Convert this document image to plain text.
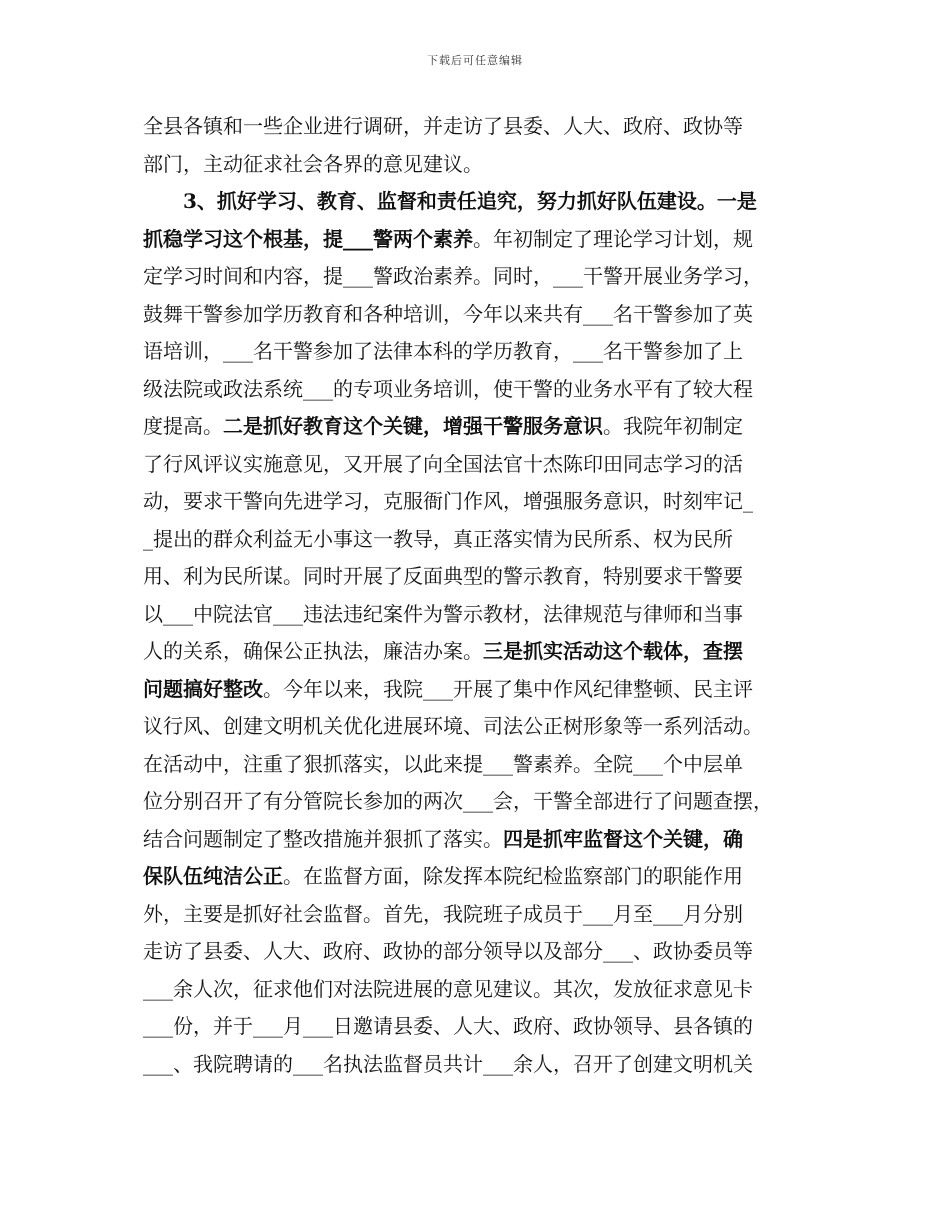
下载后可任意编辑
全县各镇和一些企业进行调研，并走访了县委、人大、政府、政协等
部门，主动征求社会各界的意见建议。
3、抓好学习、教育、监督和责任追究，努力抓好队伍建设。一是
抓稳学习这个根基，提___警两个素养。年初制定了理论学习计划，规
定学习时间和内容，提___警政治素养。同时，___干警开展业务学习，
鼓舞干警参加学历教育和各种培训，今年以来共有___名干警参加了英
语培训，___名干警参加了法律本科的学历教育，___名干警参加了上
级法院或政法系统___的专项业务培训，使干警的业务水平有了较大程
度提高。二是抓好教育这个关键，增强干警服务意识。我院年初制定
了行风评议实施意见，又开展了向全国法官十杰陈印田同志学习的活
动，要求干警向先进学习，克服衙门作风，增强服务意识，时刻牢记_
_提出的群众利益无小事这一教导，真正落实情为民所系、权为民所
用、利为民所谋。同时开展了反面典型的警示教育，特别要求干警要
以___中院法官___违法违纪案件为警示教材，法律规范与律师和当事
人的关系，确保公正执法，廉洁办案。三是抓实活动这个载体，查摆
问题搞好整改。今年以来，我院___开展了集中作风纪律整顿、民主评
议行风、创建文明机关优化进展环境、司法公正树形象等一系列活动。
在活动中，注重了狠抓落实，以此来提___警素养。全院___个中层单
位分别召开了有分管院长参加的两次___会，干警全部进行了问题查摆，
结合问题制定了整改措施并狠抓了落实。四是抓牢监督这个关键，确
保队伍纯洁公正。在监督方面，除发挥本院纪检监察部门的职能作用
外，主要是抓好社会监督。首先，我院班子成员于___月至___月分别
走访了县委、人大、政府、政协的部分领导以及部分___、政协委员等
___余人次，征求他们对法院进展的意见建议。其次，发放征求意见卡
___份，并于___月___日邀请县委、人大、政府、政协领导、县各镇的
___、我院聘请的___名执法监督员共计___余人，召开了创建文明机关
